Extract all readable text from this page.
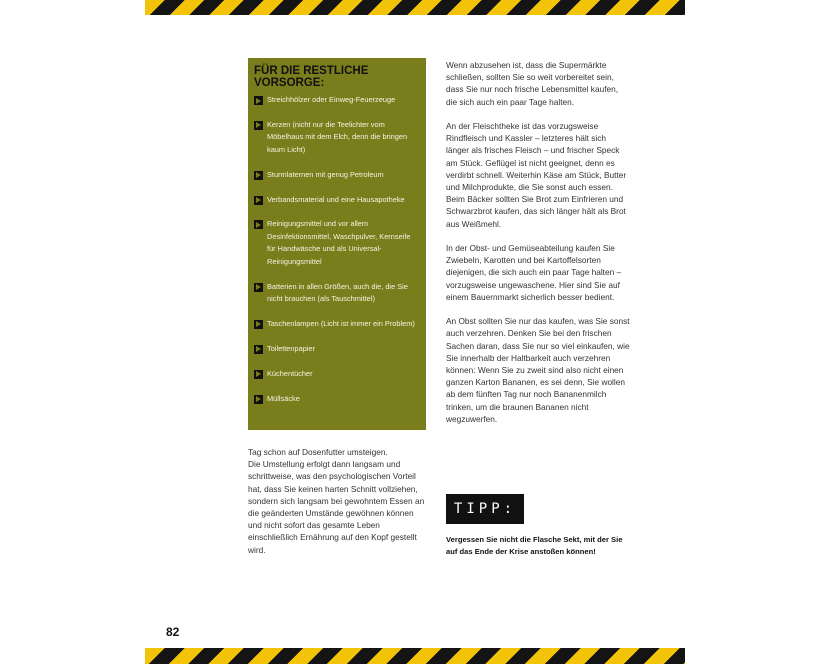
FÜR DIE RESTLICHE VORSORGE:
Streichhölzer oder Einweg-Feuerzeuge
Kerzen (nicht nur die Teelichter vom Möbelhaus mit dem Elch, denn die bringen kaum Licht)
Sturmlaternen mit genug Petroleum
Verbandsmaterial und eine Hausapotheke
Reinigungsmittel und vor allem Desinfektionsmittel, Waschpulver, Kernseife für Handwäsche und als Universal-Reinigungsmittel
Batterien in allen Größen, auch die, die Sie nicht brauchen (als Tauschmittel)
Taschenlampen (Licht ist immer ein Problem)
Toilettenpapier
Küchentücher
Müllsäcke
Tag schon auf Dosenfutter umsteigen.
Die Umstellung erfolgt dann langsam und schrittweise, was den psychologischen Vorteil hat, dass Sie keinen harten Schnitt vollziehen, sondern sich langsam bei gewohntem Essen an die geänderten Umstände gewöhnen können und nicht sofort das gesamte Leben einschließlich Ernährung auf den Kopf gestellt wird.
Wenn abzusehen ist, dass die Supermärkte schließen, sollten Sie so weit vorbereitet sein, dass Sie nur noch frische Lebensmittel kaufen, die sich auch ein paar Tage halten.

An der Fleischtheke ist das vorzugsweise Rindfleisch und Kassler – letzteres hält sich länger als frisches Fleisch – und frischer Speck am Stück. Geflügel ist nicht geeignet, denn es verdirbt schnell. Weiterhin Käse am Stück, Butter und Milchprodukte, die Sie sonst auch essen. Beim Bäcker sollten Sie Brot zum Einfrieren und Schwarzbrot kaufen, das sich länger hält als Brot aus Weißmehl.

In der Obst- und Gemüseabteilung kaufen Sie Zwiebeln, Karotten und bei Kartoffelsorten diejenigen, die sich auch ein paar Tage halten – vorzugsweise ungewaschene. Hier sind Sie auf einem Bauernmarkt sicherlich besser bedient.

An Obst sollten Sie nur das kaufen, was Sie sonst auch verzehren. Denken Sie bei den frischen Sachen daran, dass Sie nur so viel einkaufen, wie Sie innerhalb der Haltbarkeit auch verzehren können: Wenn Sie zu zweit sind also nicht einen ganzen Karton Bananen, es sei denn, Sie wollen ab dem fünften Tag nur noch Bananenmilch trinken, um die braunen Bananen nicht wegzuwerfen.
TIPP:
Vergessen Sie nicht die Flasche Sekt, mit der Sie auf das Ende der Krise anstoßen können!
82
